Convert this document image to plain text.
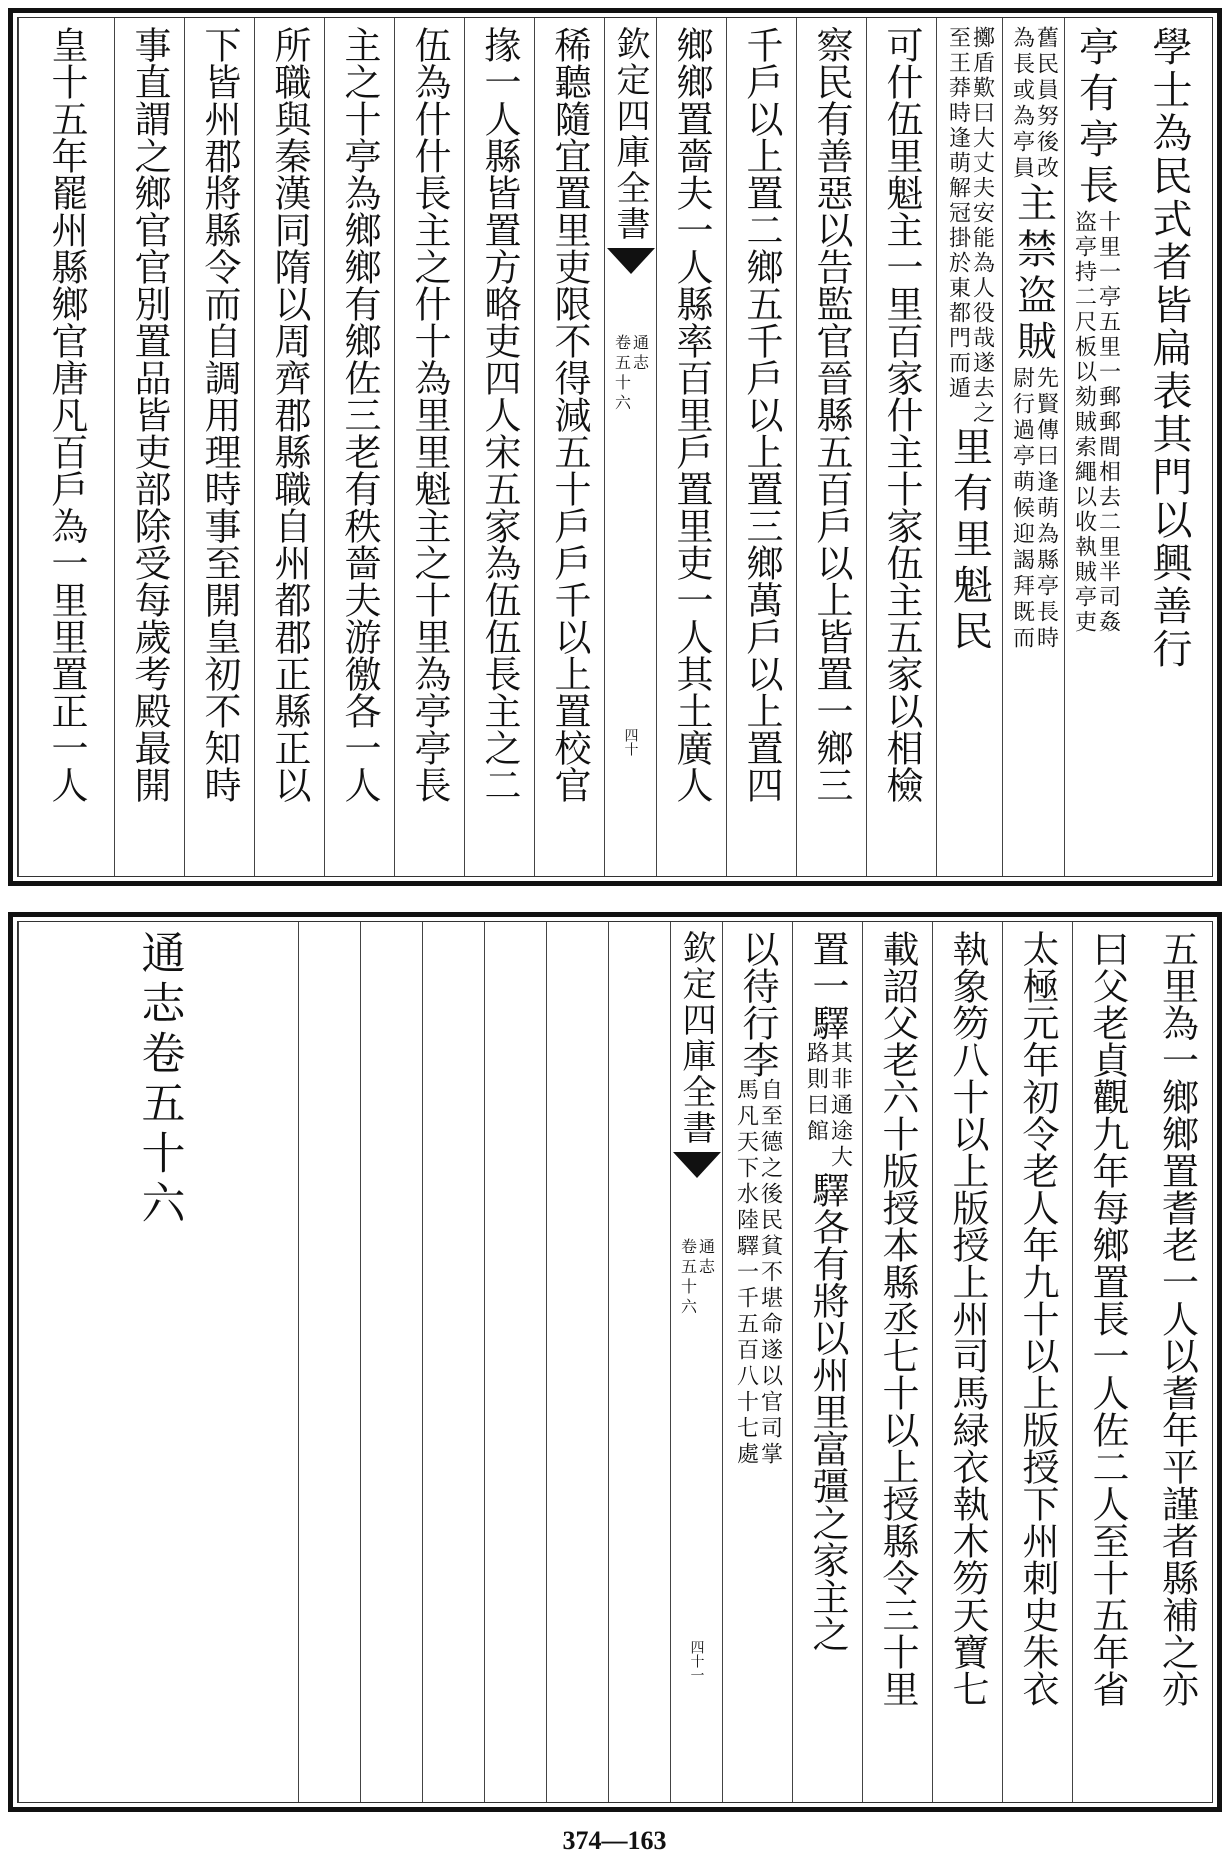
學士為民式者皆扁表其門以興善行
亭有亭長
十里一亭五里一郵郵間相去二里半司姦
盗亭持二尺板以劾賊索繩以收執賊亭吏
舊民員努後改
為長或為亭員
主禁盗賊
先賢傳曰逢萌為縣亭長時
尉行過亭萌候迎謁拜既而
擲盾歎曰大丈夫安能為人役哉遂去之
至王莽時逢萌解冠掛於東都門而遁
里有里魁民
可什伍里魁主一里百家什主十家伍主五家以相檢
察民有善惡以告監官晉縣五百戶以上皆置一鄉三
千戶以上置二鄉五千戶以上置三鄉萬戶以上置四
鄉鄉置嗇夫一人縣率百里戶置里吏一人其土廣人
欽定四庫全書
通志
卷五十六
四十
稀聽隨宜置里吏限不得減五十戶戶千以上置校官
掾一人縣皆置方略吏四人宋五家為伍伍長主之二
伍為什什長主之什十為里里魁主之十里為亭亭長
主之十亭為鄉鄉有鄉佐三老有秩嗇夫游徼各一人
所職與秦漢同隋以周齊郡縣職自州都郡正縣正以
下皆州郡將縣令而自調用理時事至開皇初不知時
事直謂之鄉官官別置品皆吏部除受每歲考殿最開
皇十五年罷州縣鄉官唐凡百戶為一里里置正一人
五里為一鄉鄉置耆老一人以耆年平謹者縣補之亦
曰父老貞觀九年每鄉置長一人佐二人至十五年省
太極元年初令老人年九十以上版授下州刺史朱衣
執象笏八十以上版授上州司馬緑衣執木笏天寶七
載詔父老六十版授本縣丞七十以上授縣令三十里
置一驛
其非通途大
路則曰館
驛各有將以州里富彊之家主之
以待行李
自至德之後民貧不堪命遂以官司掌
馬凡天下水陸驛一千五百八十七處
欽定四庫全書
通志
卷五十六
四十一
通志卷五十六
374—163
